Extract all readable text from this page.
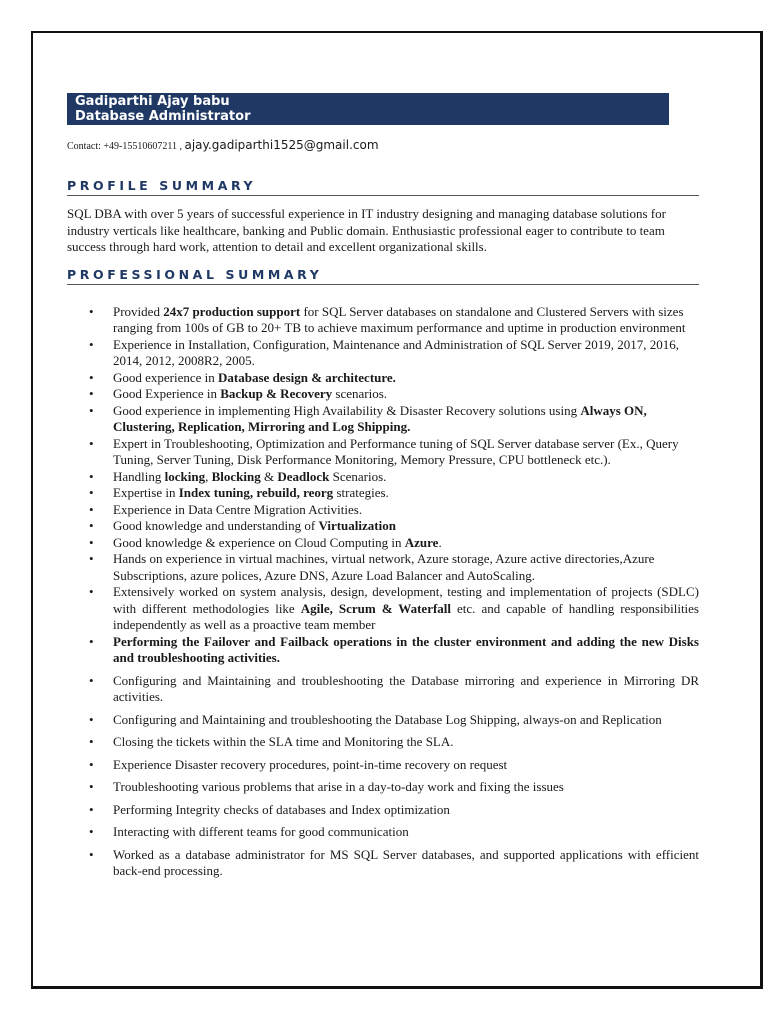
Gadiparthi Ajay babu
Database Administrator
Contact: +49-15510607211 , ajay.gadiparthi1525@gmail.com
PROFILE SUMMARY
SQL DBA with over 5 years of successful experience in IT industry designing and managing database solutions for industry verticals like healthcare, banking and Public domain. Enthusiastic professional eager to contribute to team success through hard work, attention to detail and excellent organizational skills.
PROFESSIONAL SUMMARY
• Provided 24x7 production support for SQL Server databases on standalone and Clustered Servers with sizes ranging from 100s of GB to 20+ TB to achieve maximum performance and uptime in production environment
• Experience in Installation, Configuration, Maintenance and Administration of SQL Server 2019, 2017, 2016, 2014, 2012, 2008R2, 2005.
• Good experience in Database design & architecture.
• Good Experience in Backup & Recovery scenarios.
• Good experience in implementing High Availability & Disaster Recovery solutions using Always ON, Clustering, Replication, Mirroring and Log Shipping.
• Expert in Troubleshooting, Optimization and Performance tuning of SQL Server database server (Ex., Query Tuning, Server Tuning, Disk Performance Monitoring, Memory Pressure, CPU bottleneck etc.).
• Handling locking, Blocking & Deadlock Scenarios.
• Expertise in Index tuning, rebuild, reorg strategies.
• Experience in Data Centre Migration Activities.
• Good knowledge and understanding of Virtualization
• Good knowledge & experience on Cloud Computing in Azure.
• Hands on experience in virtual machines, virtual network, Azure storage, Azure active directories,Azure Subscriptions, azure polices, Azure DNS, Azure Load Balancer and AutoScaling.
• Extensively worked on system analysis, design, development, testing and implementation of projects (SDLC) with different methodologies like Agile, Scrum & Waterfall etc. and capable of handling responsibilities independently as well as a proactive team member
• Performing the Failover and Failback operations in the cluster environment and adding the new Disks and troubleshooting activities.
• Configuring and Maintaining and troubleshooting the Database mirroring and experience in Mirroring DR activities.
• Configuring and Maintaining and troubleshooting the Database Log Shipping, always-on and Replication
• Closing the tickets within the SLA time and Monitoring the SLA.
• Experience Disaster recovery procedures, point-in-time recovery on request
• Troubleshooting various problems that arise in a day-to-day work and fixing the issues
• Performing Integrity checks of databases and Index optimization
• Interacting with different teams for good communication
• Worked as a database administrator for MS SQL Server databases, and supported applications with efficient back-end processing.
